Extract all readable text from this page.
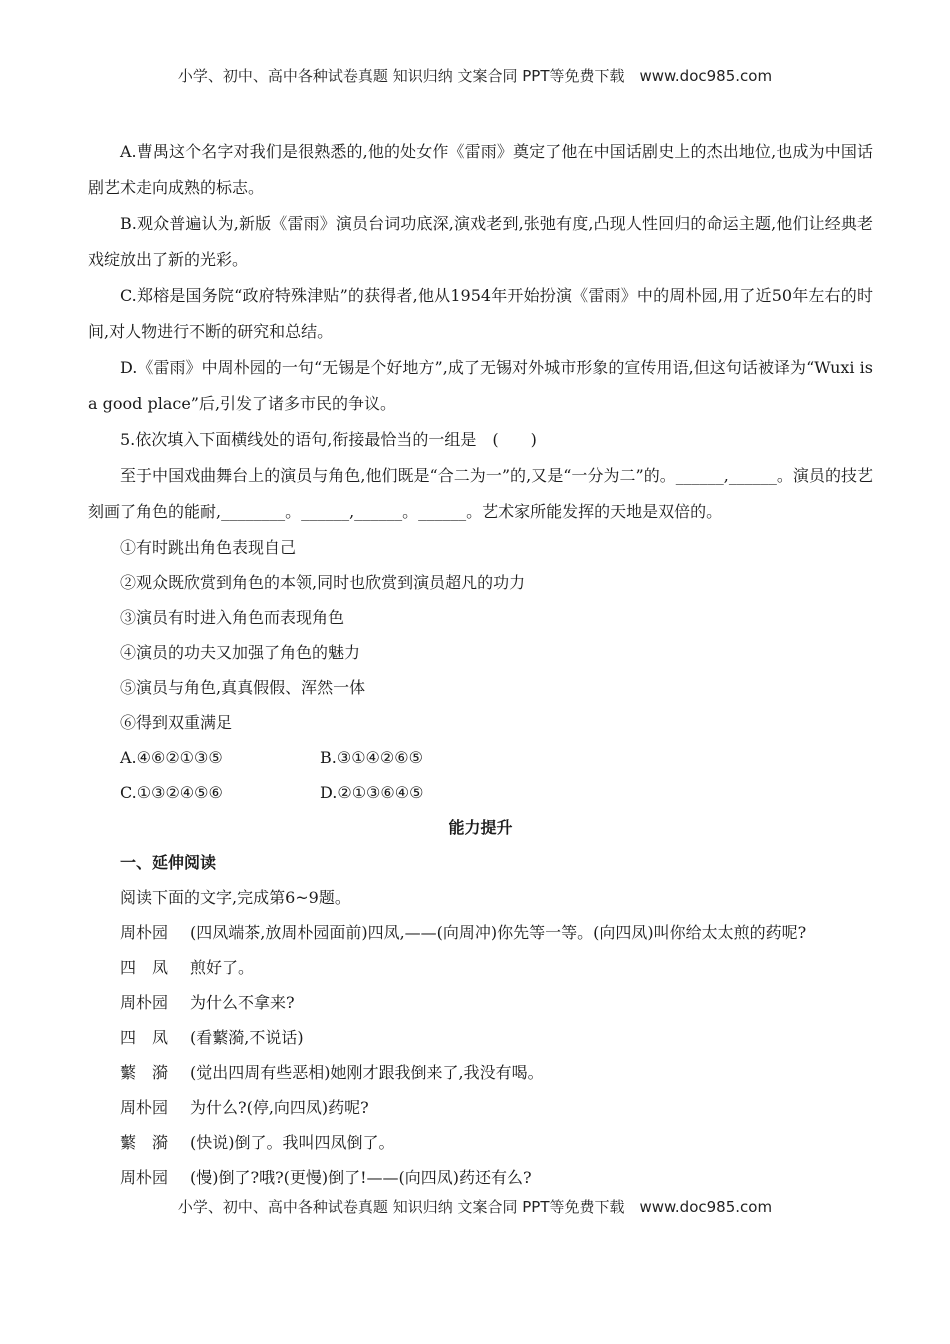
小学、初中、高中各种试卷真题 知识归纳 文案合同 PPT等免费下载　www.doc985.com

A.曹禺这个名字对我们是很熟悉的,他的处女作《雷雨》奠定了他在中国话剧史上的杰出地位,也成为中国话剧艺术走向成熟的标志。

B.观众普遍认为,新版《雷雨》演员台词功底深,演戏老到,张弛有度,凸现人性回归的命运主题,他们让经典老戏绽放出了新的光彩。

C.郑榕是国务院“政府特殊津贴”的获得者,他从1954年开始扮演《雷雨》中的周朴园,用了近50年左右的时间,对人物进行不断的研究和总结。

D.《雷雨》中周朴园的一句“无锡是个好地方”,成了无锡对外城市形象的宣传用语,但这句话被译为“Wuxi is a good place”后,引发了诸多市民的争议。

5.依次填入下面横线处的语句,衔接最恰当的一组是　(　　)

至于中国戏曲舞台上的演员与角色,他们既是“合二为一”的,又是“一分为二”的。______,______。演员的技艺刻画了角色的能耐,________。______,______。______。艺术家所能发挥的天地是双倍的。

①有时跳出角色表现自己

②观众既欣赏到角色的本领,同时也欣赏到演员超凡的功力

③演员有时进入角色而表现角色

④演员的功夫又加强了角色的魅力

⑤演员与角色,真真假假、浑然一体

⑥得到双重满足

A.④⑥②①③⑤	B.③①④②⑥⑤
C.①③②④⑤⑥	D.②①③⑥④⑤

能力提升

一、延伸阅读

阅读下面的文字,完成第6~9题。

周朴园	(四凤端茶,放周朴园面前)四凤,——(向周冲)你先等一等。(向四凤)叫你给太太煎的药呢?
四　凤	煎好了。
周朴园	为什么不拿来?
四　凤	(看蘩漪,不说话)
蘩　漪	(觉出四周有些恶相)她刚才跟我倒来了,我没有喝。
周朴园	为什么?(停,向四凤)药呢?
蘩　漪	(快说)倒了。我叫四凤倒了。
周朴园	(慢)倒了?哦?(更慢)倒了!——(向四凤)药还有么?
小学、初中、高中各种试卷真题 知识归纳 文案合同 PPT等免费下载　www.doc985.com
